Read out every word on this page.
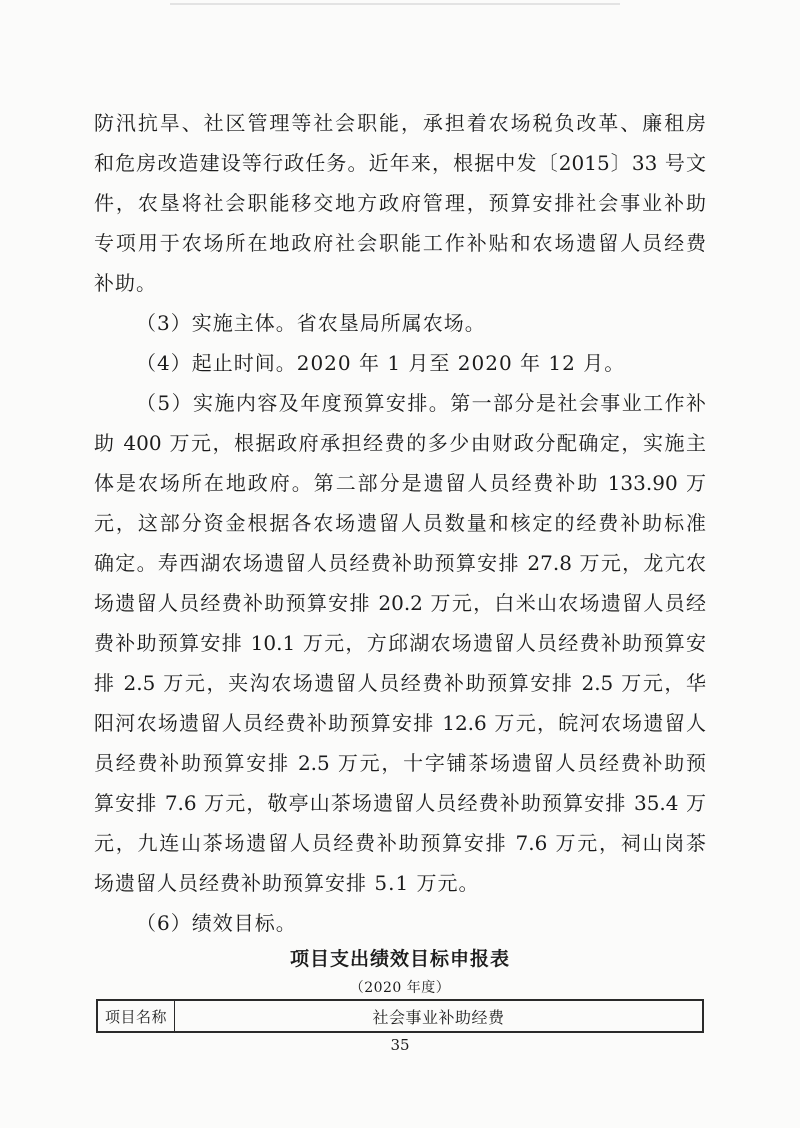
防汛抗旱、社区管理等社会职能，承担着农场税负改革、廉租房
和危房改造建设等行政任务。近年来，根据中发〔2015〕33 号文
件，农垦将社会职能移交地方政府管理，预算安排社会事业补助
专项用于农场所在地政府社会职能工作补贴和农场遗留人员经费
补助。
（3）实施主体。省农垦局所属农场。
（4）起止时间。2020 年 1 月至 2020 年 12 月。
（5）实施内容及年度预算安排。第一部分是社会事业工作补
助 400 万元，根据政府承担经费的多少由财政分配确定，实施主
体是农场所在地政府。第二部分是遗留人员经费补助 133.90 万
元，这部分资金根据各农场遗留人员数量和核定的经费补助标准
确定。寿西湖农场遗留人员经费补助预算安排 27.8 万元，龙亢农
场遗留人员经费补助预算安排 20.2 万元，白米山农场遗留人员经
费补助预算安排 10.1 万元，方邱湖农场遗留人员经费补助预算安
排 2.5 万元，夹沟农场遗留人员经费补助预算安排 2.5 万元，华
阳河农场遗留人员经费补助预算安排 12.6 万元，皖河农场遗留人
员经费补助预算安排 2.5 万元，十字铺茶场遗留人员经费补助预
算安排 7.6 万元，敬亭山茶场遗留人员经费补助预算安排 35.4 万
元，九连山茶场遗留人员经费补助预算安排 7.6 万元，祠山岗茶
场遗留人员经费补助预算安排 5.1 万元。
（6）绩效目标。
项目支出绩效目标申报表
（2020 年度）
项目名称	社会事业补助经费
35
